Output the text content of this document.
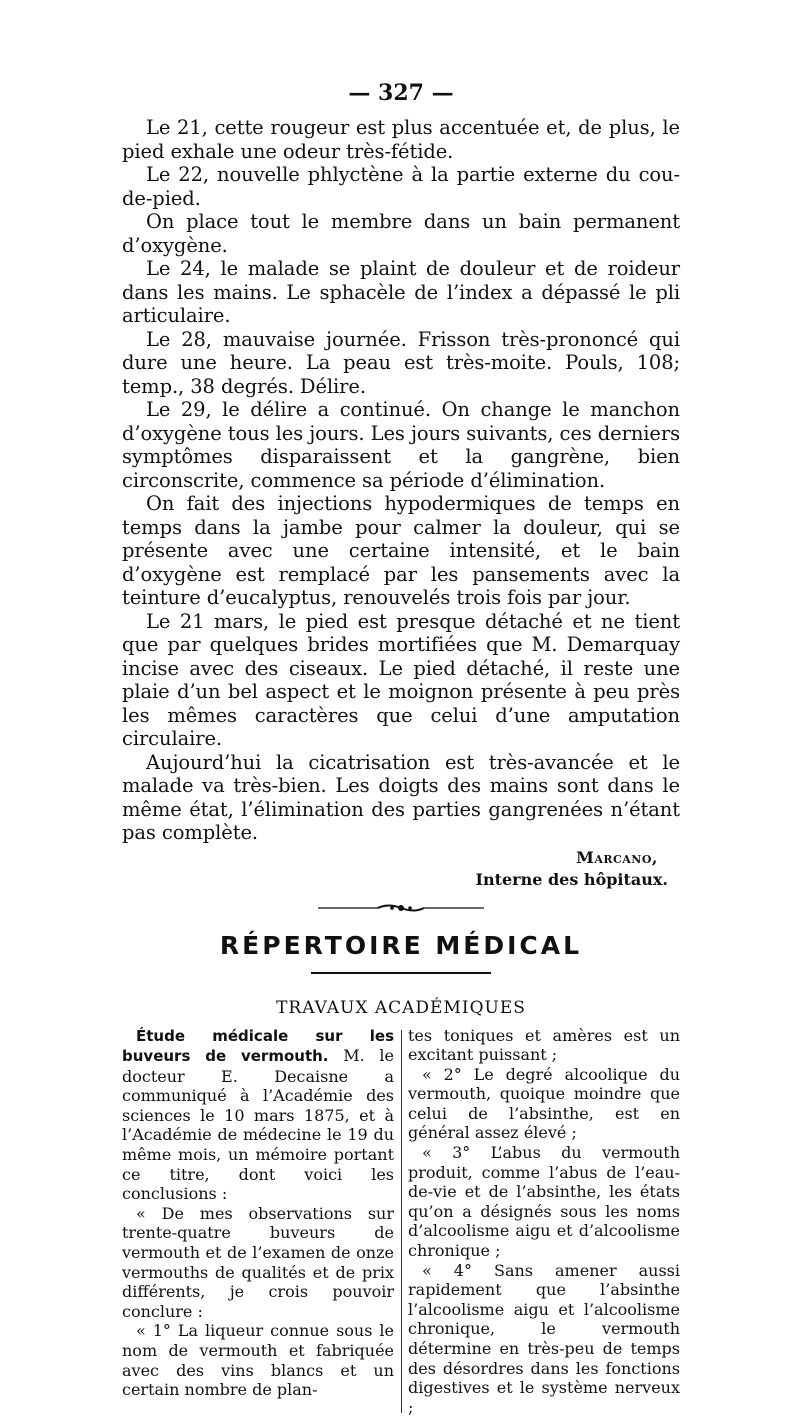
— 327 —

Le 21, cette rougeur est plus accentuée et, de plus, le pied exhale une odeur très-fétide.

Le 22, nouvelle phlyctène à la partie externe du cou-de-pied.

On place tout le membre dans un bain permanent d’oxygène.

Le 24, le malade se plaint de douleur et de roideur dans les mains. Le sphacèle de l’index a dépassé le pli articulaire.

Le 28, mauvaise journée. Frisson très-prononcé qui dure une heure. La peau est très-moite. Pouls, 108; temp., 38 degrés. Délire.

Le 29, le délire a continué. On change le manchon d’oxygène tous les jours. Les jours suivants, ces derniers symptômes disparaissent et la gangrène, bien circonscrite, commence sa période d’élimination.

On fait des injections hypodermiques de temps en temps dans la jambe pour calmer la douleur, qui se présente avec une certaine intensité, et le bain d’oxygène est remplacé par les pansements avec la teinture d’eucalyptus, renouvelés trois fois par jour.

Le 21 mars, le pied est presque détaché et ne tient que par quelques brides mortifiées que M. Demarquay incise avec des ciseaux. Le pied détaché, il reste une plaie d’un bel aspect et le moignon présente à peu près les mêmes caractères que celui d’une amputation circulaire.

Aujourd’hui la cicatrisation est très-avancée et le malade va très-bien. Les doigts des mains sont dans le même état, l’élimination des parties gangrenées n’étant pas complète.

Marcano,
Interne des hôpitaux.
RÉPERTOIRE MÉDICAL
TRAVAUX ACADÉMIQUES

Étude médicale sur les buveurs de vermouth. M. le docteur E. Decaisne a communiqué à l’Académie des sciences le 10 mars 1875, et à l’Académie de médecine le 19 du même mois, un mémoire portant ce titre, dont voici les conclusions :

« De mes observations sur trente-quatre buveurs de vermouth et de l’examen de onze vermouths de qualités et de prix différents, je crois pouvoir conclure :

« 1° La liqueur connue sous le nom de vermouth et fabriquée avec des vins blancs et un certain nombre de plan-

tes toniques et amères est un excitant puissant ;

« 2° Le degré alcoolique du vermouth, quoique moindre que celui de l’absinthe, est en général assez élevé ;

« 3° L’abus du vermouth produit, comme l’abus de l’eau-de-vie et de l’absinthe, les états qu’on a désignés sous les noms d’alcoolisme aigu et d’alcoolisme chronique ;

« 4° Sans amener aussi rapidement que l’absinthe l’alcoolisme aigu et l’alcoolisme chronique, le vermouth détermine en très-peu de temps des désordres dans les fonctions digestives et le système nerveux ;
